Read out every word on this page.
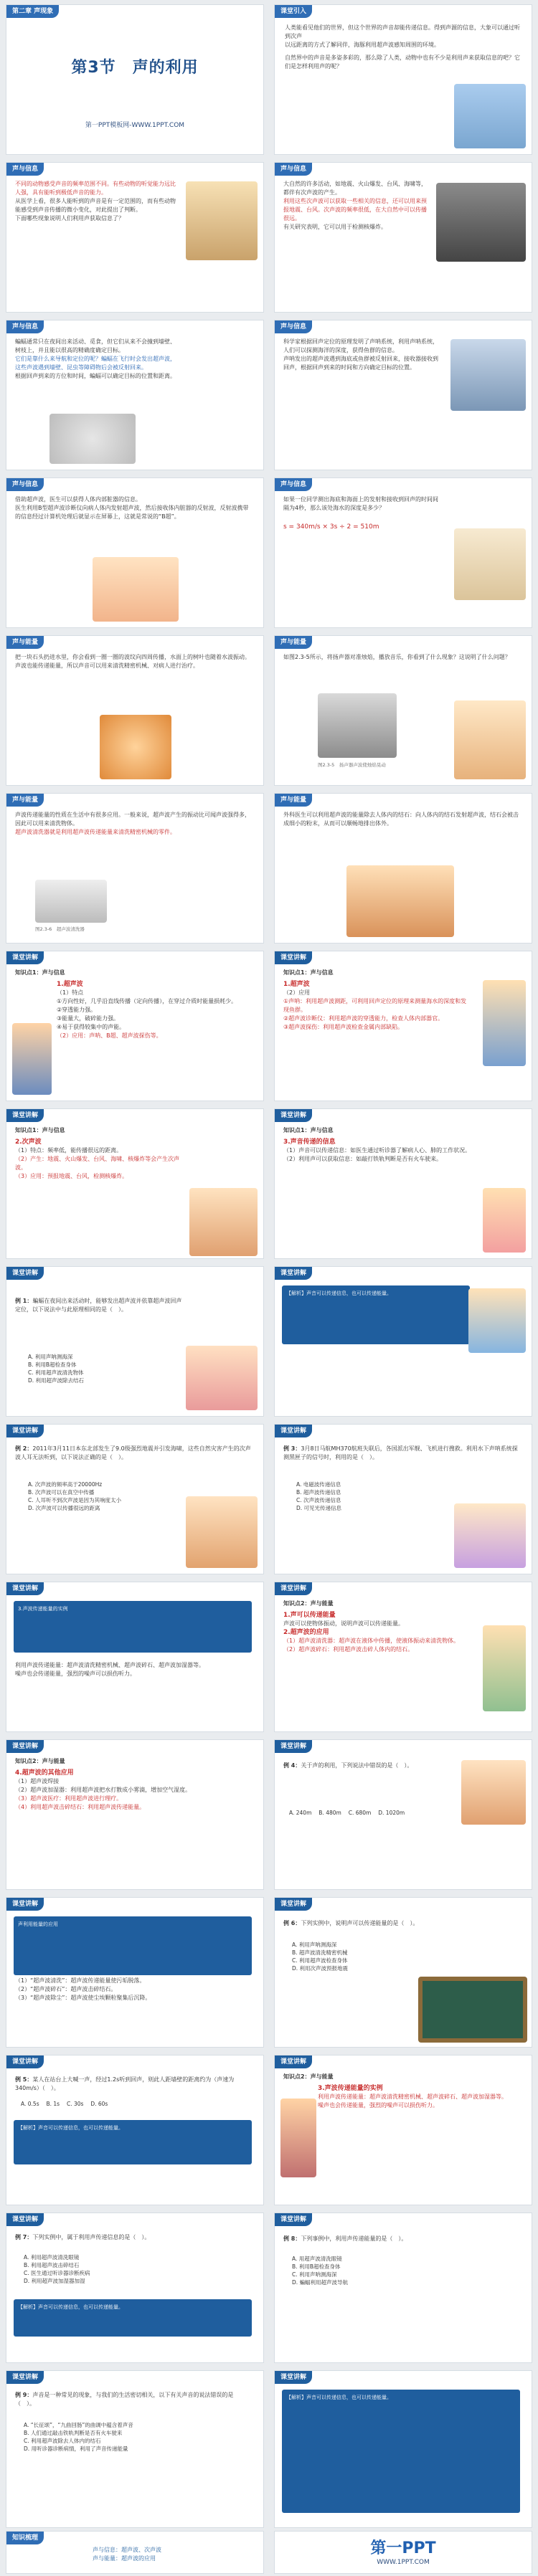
第二章 声现象
第3节　声的利用
第一PPT模板网-WWW.1PPT.COM
课堂引入
人类能看见他们的世界，但这个世界的声音却能传递信息。得到声源的信息，大象可以通过听到次声
以远距离的方式了解同伴，海豚利用超声波感知周围的环境。
自然界中的声音是多姿多彩的，那么除了人类，动物中也有不少是利用声来获取信息的吧？它们是怎样利用声的呢？
声与信息
不同的动物感受声音的频率范围不同。有些动物的听觉能力远比人强，具有能听到极低声音的能力。
从医学上看，很多人能听到的声音是有一定范围的，而有些动物能感受到声音传播的微小变化，对此提出了判断。
下面哪些现象说明人们利用声获取信息了？
声与信息
大自然的许多活动，如地震、火山爆发、台风、海啸等，都伴有次声波的产生。
利用这些次声波可以获取一些相关的信息，还可以用来预报地震、台风。次声波的频率很低，在大自然中可以传播很远。
有关研究表明，它可以用于检测核爆炸。
声与信息
蝙蝠通常只在夜间出来活动、觅食，但它们从来不会撞到墙壁、树枝上，并且能以很高的精确度确定目标。
它们是靠什么来导航和定位的呢？蝙蝠在飞行时会发出超声波，这些声波遇到墙壁、昆虫等障碍物后会被反射回来。
根据回声到来的方位和时间，蝙蝠可以确定目标的位置和距离。
声与信息
科学家根据回声定位的原理发明了声呐系统，利用声呐系统，人们可以探测海洋的深度，获得鱼群的信息。
声呐发出的超声波遇到海底或鱼群被反射回来，接收器接收到回声，根据回声到来的时间和方向确定目标的位置。
声与信息
借助超声波，医生可以获得人体内部脏器的信息。
医生利用B型超声波诊断仪向病人体内发射超声波，然后接收体内脏器的反射波，反射波携带的信息经过计算机处理后就显示在屏幕上，这就是常说的“B超”。
声与信息
如果一位同学测出海底和海面上的发射和接收到回声的时间间隔为4秒，那么该处海水的深度是多少？
s = 340m/s × 3s ÷ 2 = 510m
声与能量
把一块石头扔进水里，你会看到一圈一圈的波纹向四周传播，水面上的树叶也随着水波振动。
声波也能传递能量，所以声音可以用来清洗精密机械、对病人进行治疗。
声与能量
如图2.3-5所示，将扬声器对准烛焰，播放音乐，你看到了什么现象？这说明了什么问题？
图2.3-5　扬声器声波使烛焰晃动
声与能量
声波传递能量的性质在生活中有很多应用。一般来说，超声波产生的振动比可闻声波强得多，因此可以用来清洗物体。
超声波清洗器就是利用超声波传递能量来清洗精密机械的零件。
图2.3-6　超声波清洗器
声与能量
外科医生可以利用超声波的能量除去人体内的结石：向人体内的结石发射超声波，结石会被击成细小的粉末，从而可以顺畅地排出体外。
课堂讲解
知识点1：声与信息
1.超声波
（1）特点
①方向性好，几乎沿直线传播（定向传播），在穿过介质时能量损耗少。
②穿透能力强。
③能量大，破碎能力强。
④易于获得较集中的声能。
（2）应用：声呐、B超、超声波探伤等。
课堂讲解
知识点1：声与信息
1.超声波
（2）应用
①声呐：利用超声波测距，可利用回声定位的原理来测量海水的深度和发现鱼群。
②超声波诊断仪：利用超声波的穿透能力，检查人体内部器官。
③超声波探伤：利用超声波检查金属内部缺陷。
课堂讲解
知识点1：声与信息
2.次声波
（1）特点：频率低，能传播很远的距离。
（2）产生：地震、火山爆发、台风、海啸、核爆炸等会产生次声波。
（3）应用：预报地震、台风，检测核爆炸。
课堂讲解
知识点1：声与信息
3.声音传递的信息
（1）声音可以传递信息：如医生通过听诊器了解病人心、肺的工作状况。
（2）利用声可以获取信息：如敲打铁轨判断是否有火车驶来。
课堂讲解
例 1：蝙蝠在夜间出来活动时，能够发出超声波并依靠超声波回声定位，以下说法中与此原理相同的是（　）。
A. 利用声呐测海深
B. 利用B超检查身体
C. 利用超声波清洗物体
D. 利用超声波除去结石
课堂讲解
【解析】声音可以传递信息，也可以传递能量。
课堂讲解
例 2：2011年3月11日本东北部发生了9.0级强烈地震并引发海啸，这些自然灾害产生的次声波人耳无法听到，以下说法正确的是（　）。
A. 次声波的频率高于20000Hz
B. 次声波可以在真空中传播
C. 人耳听不到次声波是因为其响度太小
D. 次声波可以传播很远的距离
课堂讲解
例 3：3月8日马航MH370航班失联后，各国派出军舰、飞机进行搜救。利用水下声呐系统探测黑匣子的信号时，利用的是（　）。
A. 电磁波传递信息
B. 超声波传递信息
C. 次声波传递信息
D. 可见光传递信息
课堂讲解
3.声波传递能量的实例
利用声波传递能量：超声波清洗精密机械、超声波碎石、超声波加湿器等。
噪声也会传递能量，强烈的噪声可以损伤听力。
课堂讲解
知识点2：声与能量
1.声可以传递能量
声波可以使物体振动，说明声波可以传递能量。
2.超声波的应用
（1）超声波清洗器：超声波在液体中传播，使液体振动来清洗物体。
（2）超声波碎石：利用超声波击碎人体内的结石。
课堂讲解
知识点2：声与能量
4.超声波的其他应用
（1）超声波焊接
（2）超声波加湿器：利用超声波把水打散成小雾滴，增加空气湿度。
（3）超声波医疗：利用超声波进行理疗。
（4）利用超声波击碎结石：利用超声波传递能量。
课堂讲解
例 4：关于声的利用，下列说法中错误的是（　）。
A. 240m　 B. 480m　 C. 680m　 D. 1020m
课堂讲解
声利用能量的应用
（1）“超声波清洗”：超声波传递能量使污垢脱落。
（2）“超声波碎石”：超声波击碎结石。
（3）“超声波除尘”：超声波使尘埃颗粒聚集后沉降。
课堂讲解
例 6：下列实例中，说明声可以传递能量的是（　）。
A. 利用声呐测海深
B. 超声波清洗精密机械
C. 利用超声波检查身体
D. 利用次声波预报地震
课堂讲解
例 5：某人在站台上大喊一声，经过1.2s听到回声，则此人距墙壁的距离约为（声速为340m/s）（　）。
A. 0.5s　 B. 1s　 C. 30s　 D. 60s
【解析】声音可以传递信息，也可以传递能量。
课堂讲解
知识点2：声与能量
3.声波传递能量的实例
利用声波传递能量：超声波清洗精密机械、超声波碎石、超声波加湿器等。
噪声也会传递能量，强烈的噪声可以损伤听力。
课堂讲解
例 7：下列实例中，属于利用声传递信息的是（　）。
A. 利用超声波清洗眼镜
B. 利用超声波击碎结石
C. 医生通过听诊器诊断疾病
D. 利用超声波加湿器加湿
【解析】声音可以传递信息，也可以传递能量。
课堂讲解
例 8：下列事例中，利用声传递能量的是（　）。
A. 用超声波清洗眼镜
B. 利用B超检查身体
C. 利用声呐测海深
D. 蝙蝠利用超声波导航
课堂讲解
例 9：声音是一种常见的现象，与我们的生活密切相关，以下有关声音的说法错误的是（　）。
A. “长征颂”，“九曲回肠”的曲调中蕴含着声音
B. 人们通过敲击铁轨判断是否有火车驶来
C. 利用超声波除去人体内的结石
D. 用听诊器诊断病情，利用了声音传递能量
课堂讲解
【解析】声音可以传递信息，也可以传递能量。
知识梳理
声与信息：超声波、次声波
声与能量：超声波的应用
第一PPT
WWW.1PPT.COM
